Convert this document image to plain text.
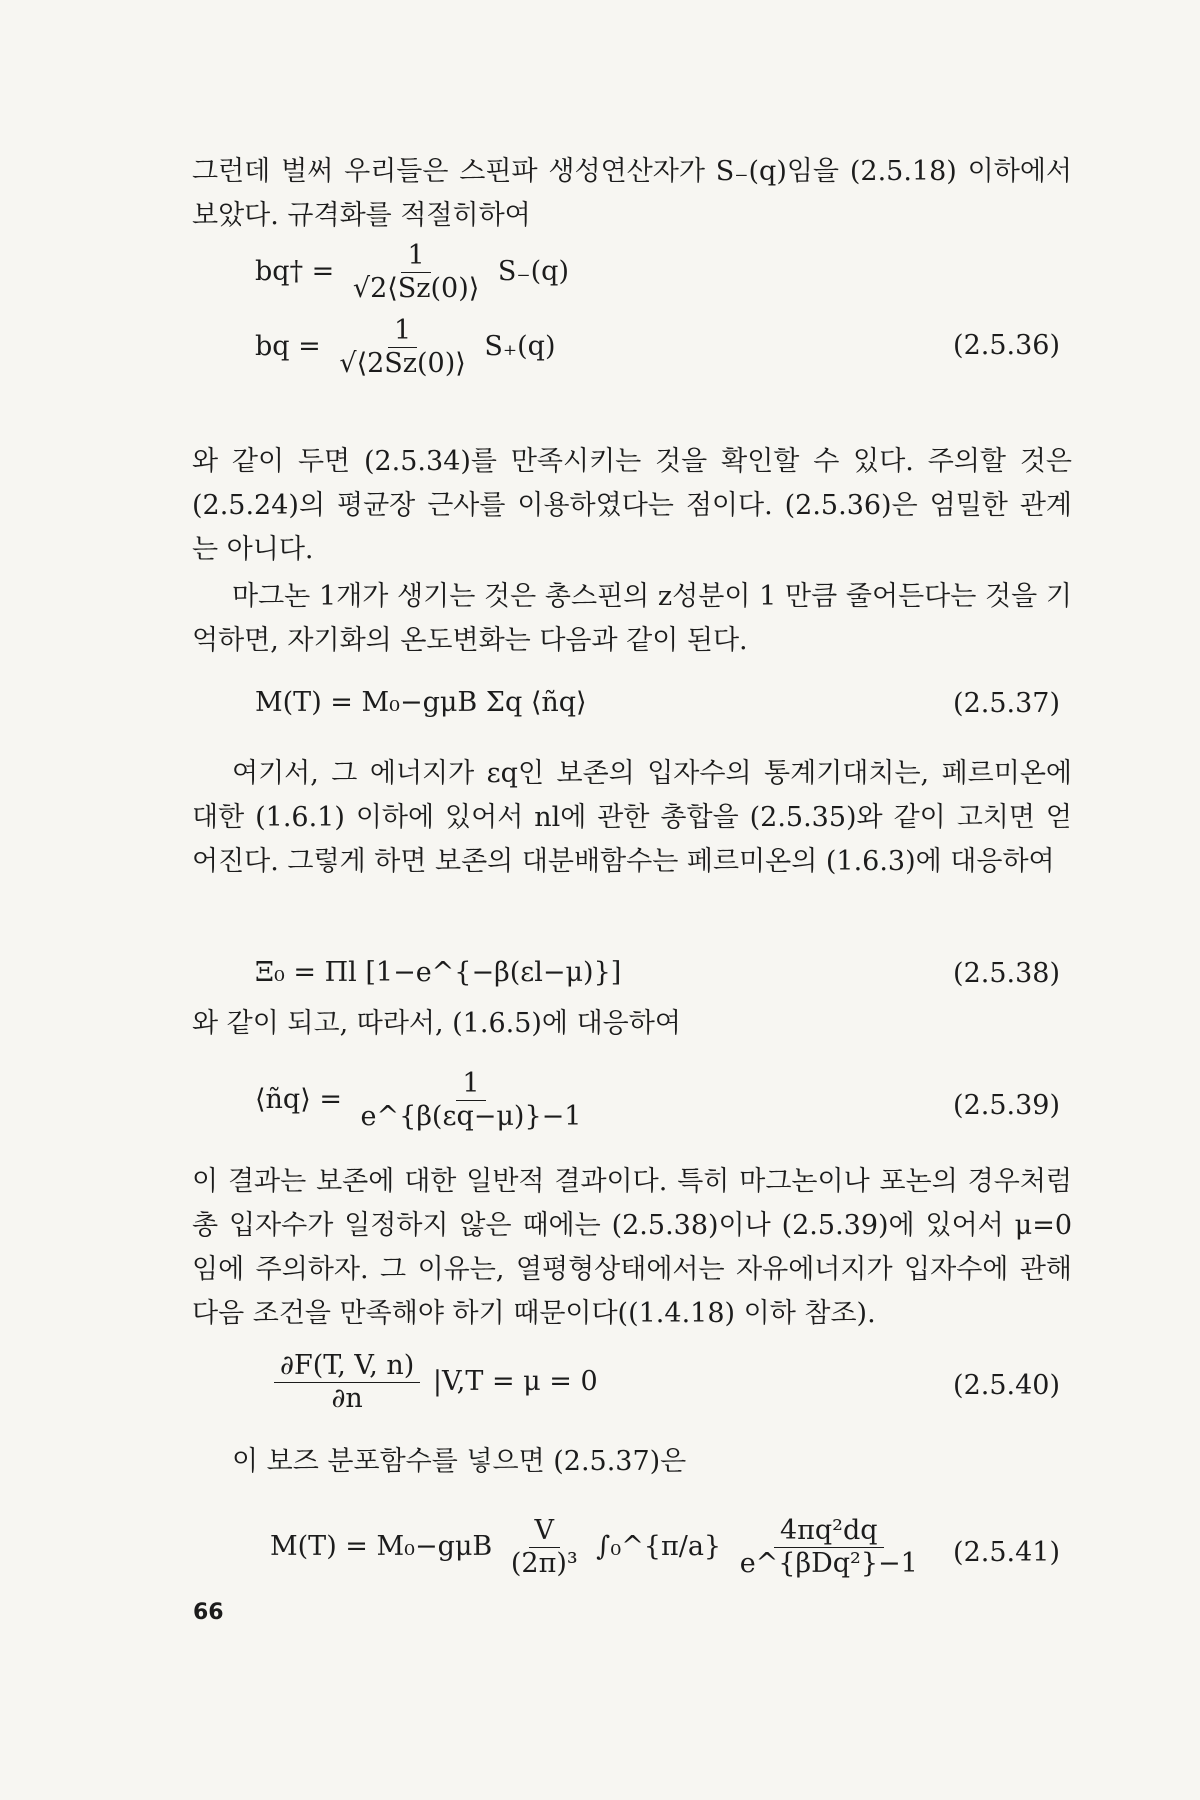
그런데 벌써 우리들은 스핀파 생성연산자가 S₋(q)임을 (2.5.18) 이하에서 보았다. 규격화를 적절히하여
bq† = $\frac{1}{√2⟨Sz(0)⟩} S_-(q)$
bq = $\frac{1}{√⟨2Sz(0)⟩} S_+(q)$	(2.5.36)
와 같이 두면 (2.5.34)를 만족시키는 것을 확인할 수 있다. 주의할 것은 (2.5.24)의 평균장 근사를 이용하였다는 점이다. (2.5.36)은 엄밀한 관계는 아니다.
마그논 1개가 생기는 것은 총스핀의 z성분이 1 만큼 줄어든다는 것을 기억하면, 자기화의 온도변화는 다음과 같이 된다.
M(T) = M₀−gμB Σq ⟨ñq⟩	(2.5.37)
여기서, 그 에너지가 εq인 보존의 입자수의 통계기대치는, 페르미온에 대한 (1.6.1) 이하에 있어서 nl에 관한 총합을 (2.5.35)와 같이 고치면 얻어진다. 그렇게 하면 보존의 대분배함수는 페르미온의 (1.6.3)에 대응하여
Ξ₀ = Πl [1−e^{−β(εl−μ)}]	(2.5.38)
와 같이 되고, 따라서, (1.6.5)에 대응하여
⟨ñq⟩ = $\frac{1}{e\^{}\{\beta(\varepsilon q-\mu)\}-1}$	(2.5.39)
이 결과는 보존에 대한 일반적 결과이다. 특히 마그논이나 포논의 경우처럼 총 입자수가 일정하지 않은 때에는 (2.5.38)이나 (2.5.39)에 있어서 μ=0임에 주의하자. 그 이유는, 열평형상태에서는 자유에너지가 입자수에 관해 다음 조건을 만족해야 하기 때문이다((1.4.18) 이하 참조).
$\frac{\partial F(T, V, n)}{\partial n} |V,T = \mu = 0$	(2.5.40)
이 보즈 분포함수를 넣으면 (2.5.37)은
$M(T) = M_0-g\mu B \frac{V}{\text{(2π)³}}$ ∫₀^{π/a} $\frac{\text{4πq²dq}}{\text{e\textasciicircum{}\{βDq²\}−1}} (2.5.41)$
66
